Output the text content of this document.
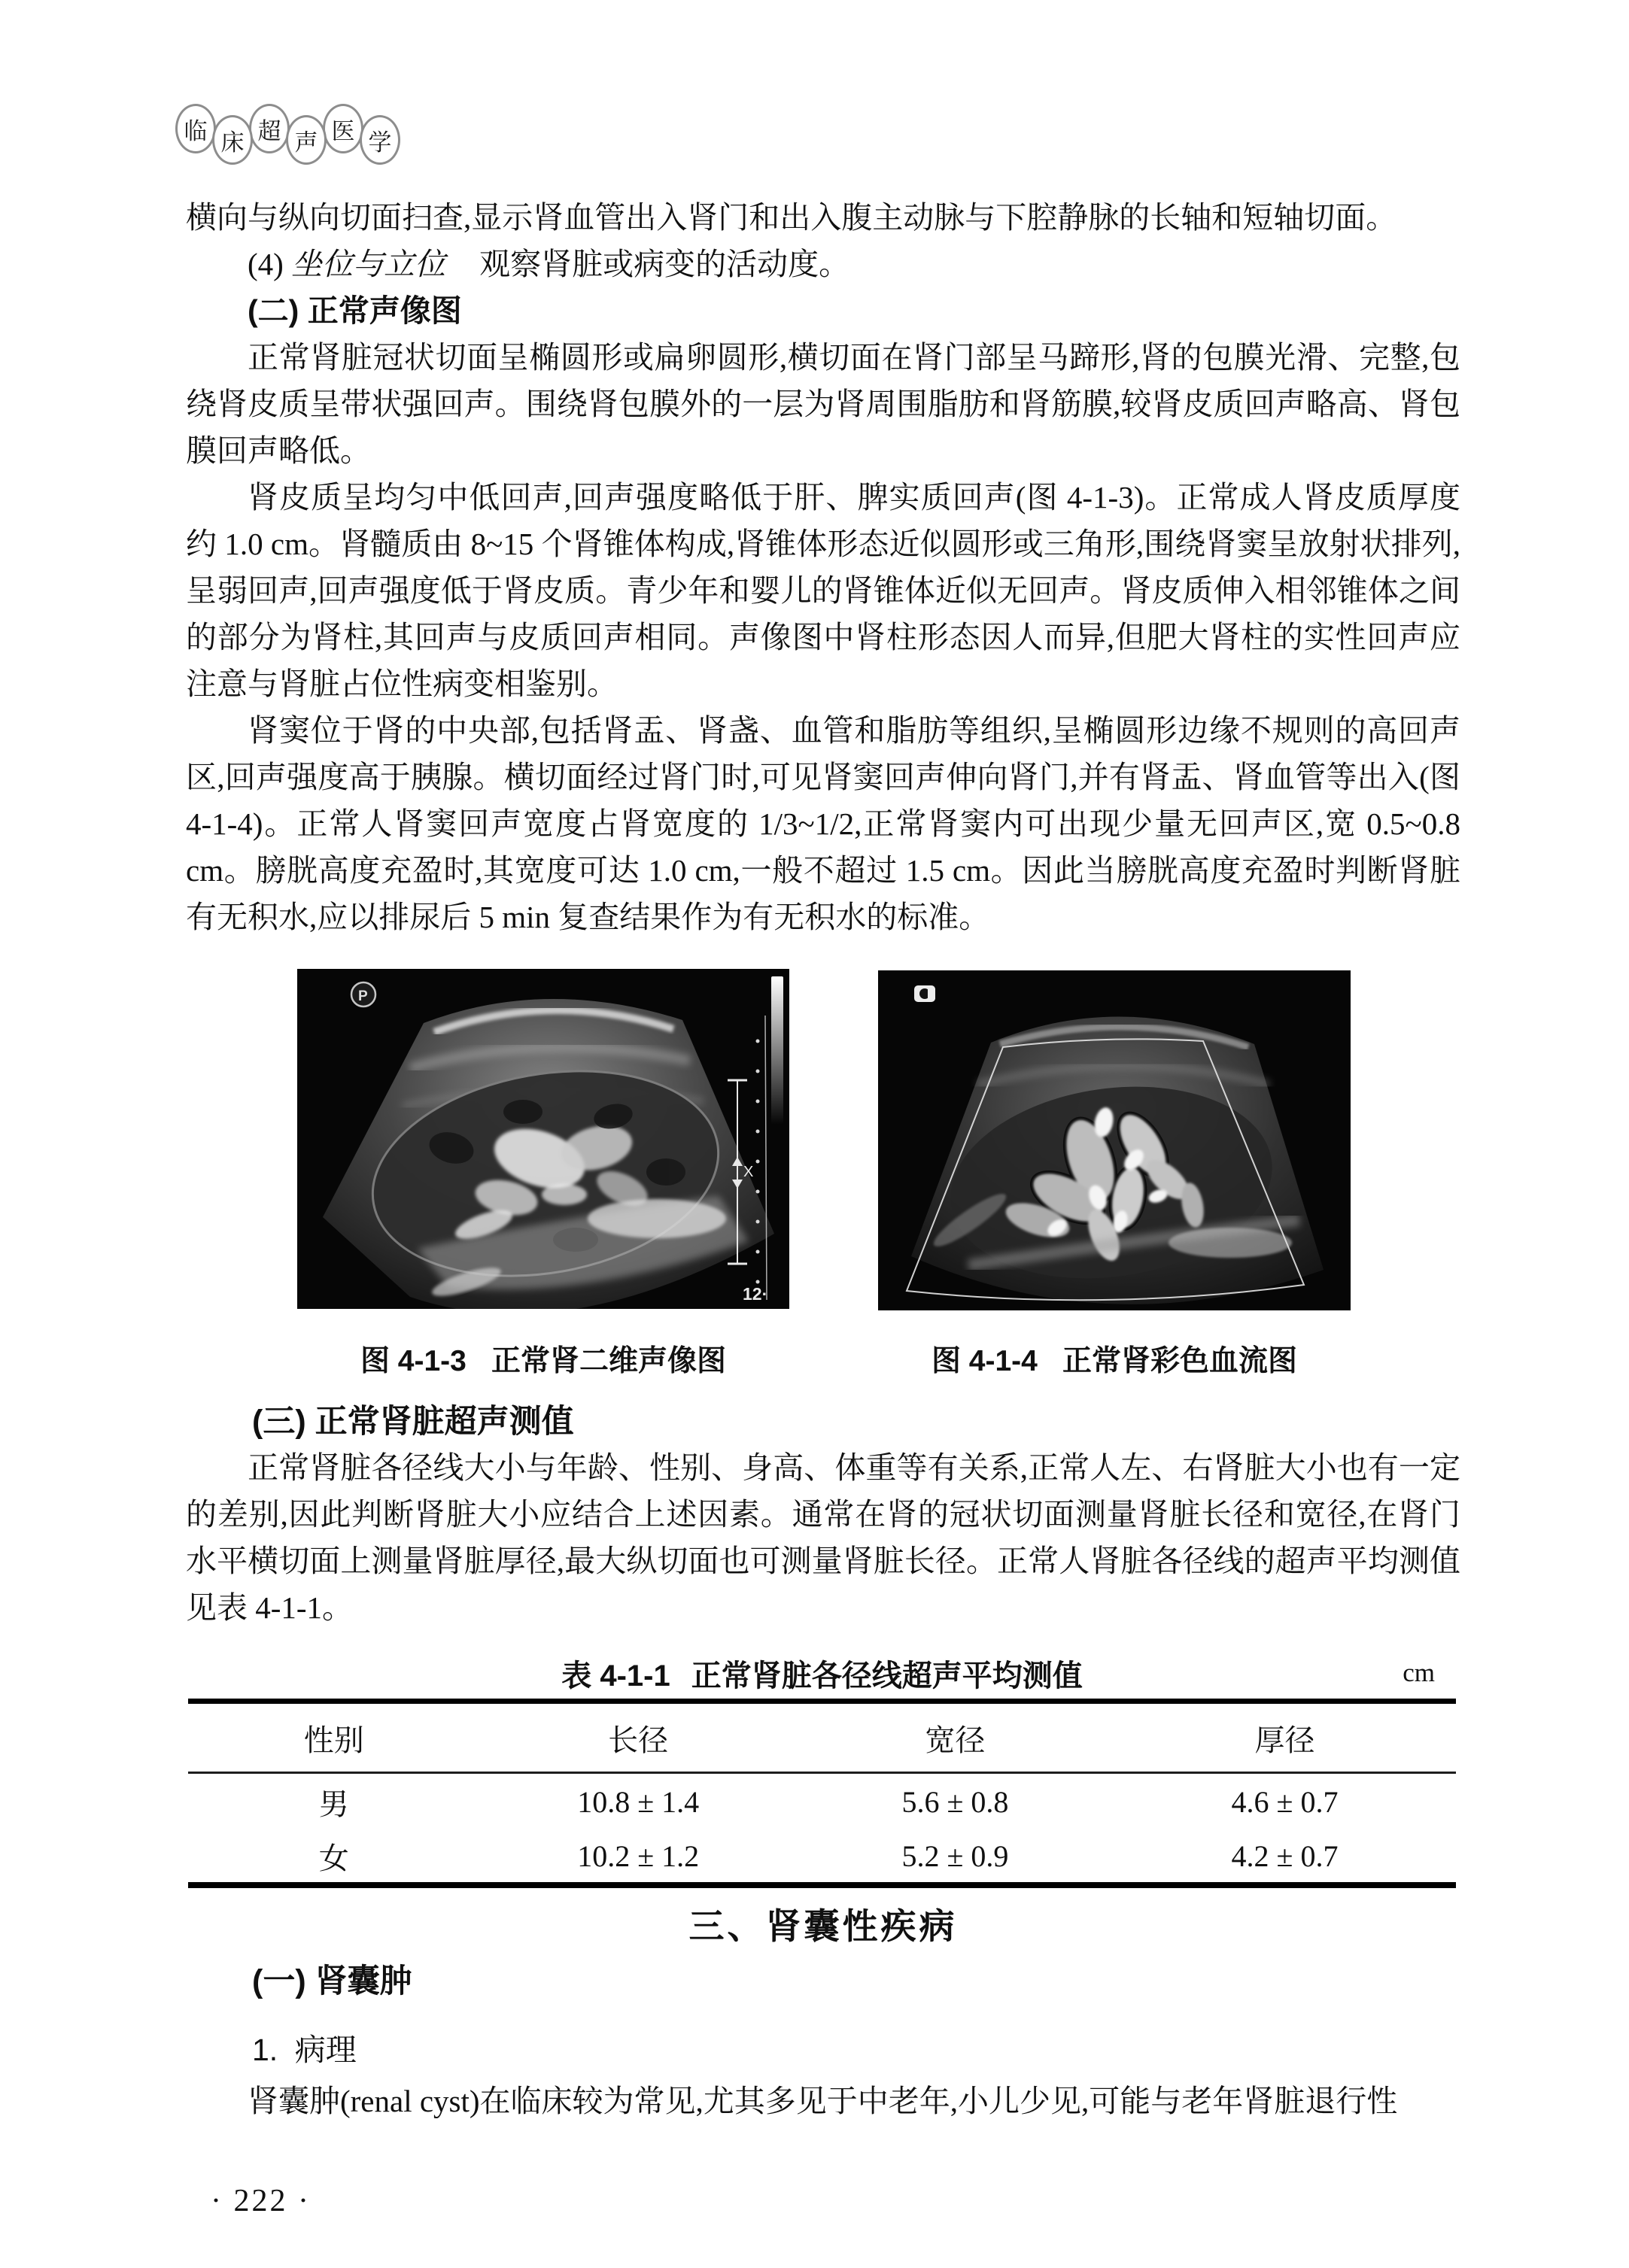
临 床 超 声 医 学

横向与纵向切面扫查,显示肾血管出入肾门和出入腹主动脉与下腔静脉的长轴和短轴切面。

(4) 坐位与立位 观察肾脏或病变的活动度。

(二) 正常声像图

正常肾脏冠状切面呈椭圆形或扁卵圆形,横切面在肾门部呈马蹄形,肾的包膜光滑、完整,包绕肾皮质呈带状强回声。围绕肾包膜外的一层为肾周围脂肪和肾筋膜,较肾皮质回声略高、肾包膜回声略低。

肾皮质呈均匀中低回声,回声强度略低于肝、脾实质回声(图 4-1-3)。正常成人肾皮质厚度约 1.0 cm。肾髓质由 8~15 个肾锥体构成,肾锥体形态近似圆形或三角形,围绕肾窦呈放射状排列,呈弱回声,回声强度低于肾皮质。青少年和婴儿的肾锥体近似无回声。肾皮质伸入相邻锥体之间的部分为肾柱,其回声与皮质回声相同。声像图中肾柱形态因人而异,但肥大肾柱的实性回声应注意与肾脏占位性病变相鉴别。

肾窦位于肾的中央部,包括肾盂、肾盏、血管和脂肪等组织,呈椭圆形边缘不规则的高回声区,回声强度高于胰腺。横切面经过肾门时,可见肾窦回声伸向肾门,并有肾盂、肾血管等出入(图 4-1-4)。正常人肾窦回声宽度占肾宽度的 1/3~1/2,正常肾窦内可出现少量无回声区,宽 0.5~0.8 cm。膀胱高度充盈时,其宽度可达 1.0 cm,一般不超过 1.5 cm。因此当膀胱高度充盈时判断肾脏有无积水,应以排尿后 5 min 复查结果作为有无积水的标准。

X
P
12·
图 4-1-3 正常肾二维声像图	图 4-1-4 正常肾彩色血流图
(三) 正常肾脏超声测值
正常肾脏各径线大小与年龄、性别、身高、体重等有关系,正常人左、右肾脏大小也有一定的差别,因此判断肾脏大小应结合上述因素。通常在肾的冠状切面测量肾脏长径和宽径,在肾门水平横切面上测量肾脏厚径,最大纵切面也可测量肾脏长径。正常人肾脏各径线的超声平均测值见表 4-1-1。
表 4-1-1 正常肾脏各径线超声平均测值	cm
性别	长径	宽径	厚径
男	10.8 ± 1.4	5.6 ± 0.8	4.6 ± 0.7
女	10.2 ± 1.2	5.2 ± 0.9	4.2 ± 0.7
三、肾囊性疾病
(一) 肾囊肿
1. 病理
肾囊肿(renal cyst)在临床较为常见,尤其多见于中老年,小儿少见,可能与老年肾脏退行性
· 222 ·
